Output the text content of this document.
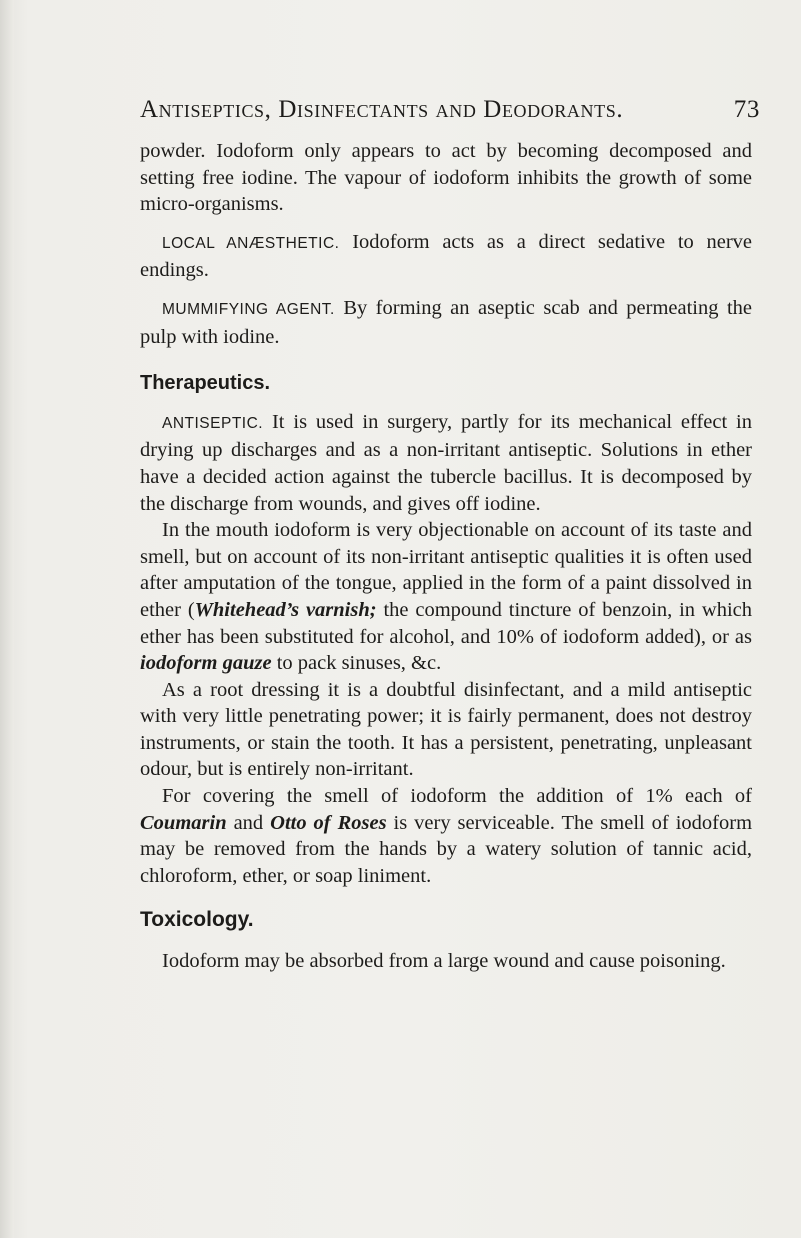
Antiseptics, Disinfectants and Deodorants.	73

powder. Iodoform only appears to act by becoming decomposed and setting free iodine. The vapour of iodoform inhibits the growth of some micro-organisms.

LOCAL ANÆSTHETIC. Iodoform acts as a direct sedative to nerve endings.

MUMMIFYING AGENT. By forming an aseptic scab and permeating the pulp with iodine.

Therapeutics.

ANTISEPTIC. It is used in surgery, partly for its mechanical effect in drying up discharges and as a non-irritant antiseptic. Solutions in ether have a decided action against the tubercle bacillus. It is decomposed by the discharge from wounds, and gives off iodine.

In the mouth iodoform is very objectionable on account of its taste and smell, but on account of its non-irritant antiseptic qualities it is often used after amputation of the tongue, applied in the form of a paint dissolved in ether (Whitehead’s varnish; the compound tincture of benzoin, in which ether has been substituted for alcohol, and 10% of iodoform added), or as iodoform gauze to pack sinuses, &c.

As a root dressing it is a doubtful disinfectant, and a mild antiseptic with very little penetrating power; it is fairly permanent, does not destroy instruments, or stain the tooth. It has a persistent, penetrating, unpleasant odour, but is entirely non-irritant.

For covering the smell of iodoform the addition of 1% each of Coumarin and Otto of Roses is very serviceable. The smell of iodoform may be removed from the hands by a watery solution of tannic acid, chloroform, ether, or soap liniment.

Toxicology.

Iodoform may be absorbed from a large wound and cause poisoning.
